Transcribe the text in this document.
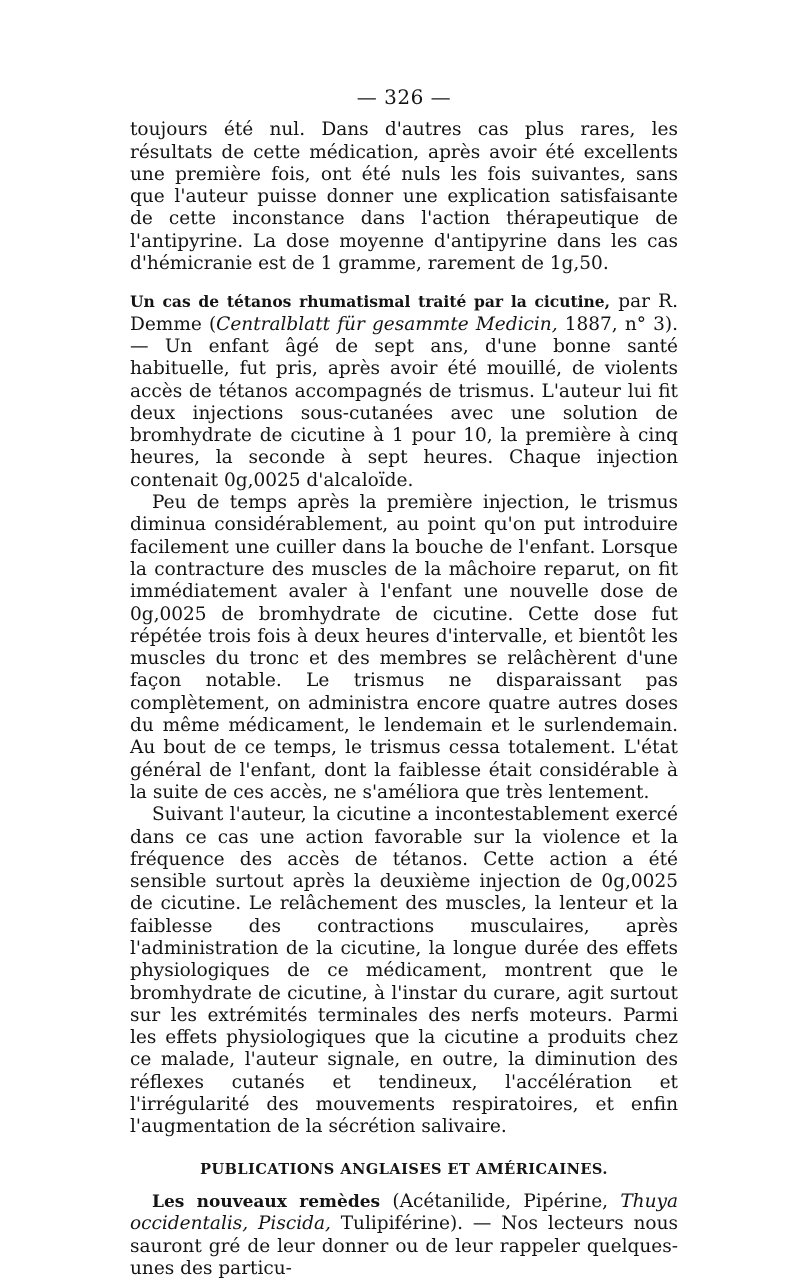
— 326 —

toujours été nul. Dans d'autres cas plus rares, les résultats de cette médication, après avoir été excellents une première fois, ont été nuls les fois suivantes, sans que l'auteur puisse donner une explication satisfaisante de cette inconstance dans l'action thérapeutique de l'antipyrine. La dose moyenne d'antipyrine dans les cas d'hémicranie est de 1 gramme, rarement de 1g,50.

Un cas de tétanos rhumatismal traité par la cicutine, par R. Demme (Centralblatt für gesammte Medicin, 1887, n° 3).— Un enfant âgé de sept ans, d'une bonne santé habituelle, fut pris, après avoir été mouillé, de violents accès de tétanos accompagnés de trismus. L'auteur lui fit deux injections sous-cutanées avec une solution de bromhydrate de cicutine à 1 pour 10, la première à cinq heures, la seconde à sept heures. Chaque injection contenait 0g,0025 d'alcaloïde.

Peu de temps après la première injection, le trismus diminua considérablement, au point qu'on put introduire facilement une cuiller dans la bouche de l'enfant. Lorsque la contracture des muscles de la mâchoire reparut, on fit immédiatement avaler à l'enfant une nouvelle dose de 0g,0025 de bromhydrate de cicutine. Cette dose fut répétée trois fois à deux heures d'intervalle, et bientôt les muscles du tronc et des membres se relâchèrent d'une façon notable. Le trismus ne disparaissant pas complètement, on administra encore quatre autres doses du même médicament, le lendemain et le surlendemain. Au bout de ce temps, le trismus cessa totalement. L'état général de l'enfant, dont la faiblesse était considérable à la suite de ces accès, ne s'améliora que très lentement.

Suivant l'auteur, la cicutine a incontestablement exercé dans ce cas une action favorable sur la violence et la fréquence des accès de tétanos. Cette action a été sensible surtout après la deuxième injection de 0g,0025 de cicutine. Le relâchement des muscles, la lenteur et la faiblesse des contractions musculaires, après l'administration de la cicutine, la longue durée des effets physiologiques de ce médicament, montrent que le bromhydrate de cicutine, à l'instar du curare, agit surtout sur les extrémités terminales des nerfs moteurs. Parmi les effets physiologiques que la cicutine a produits chez ce malade, l'auteur signale, en outre, la diminution des réflexes cutanés et tendineux, l'accélération et l'irrégularité des mouvements respiratoires, et enfin l'augmentation de la sécrétion salivaire.

PUBLICATIONS ANGLAISES ET AMÉRICAINES.

Les nouveaux remèdes (Acétanilide, Pipérine, Thuya occidentalis, Piscida, Tulipiférine). — Nos lecteurs nous sauront gré de leur donner ou de leur rappeler quelques-unes des particu-
